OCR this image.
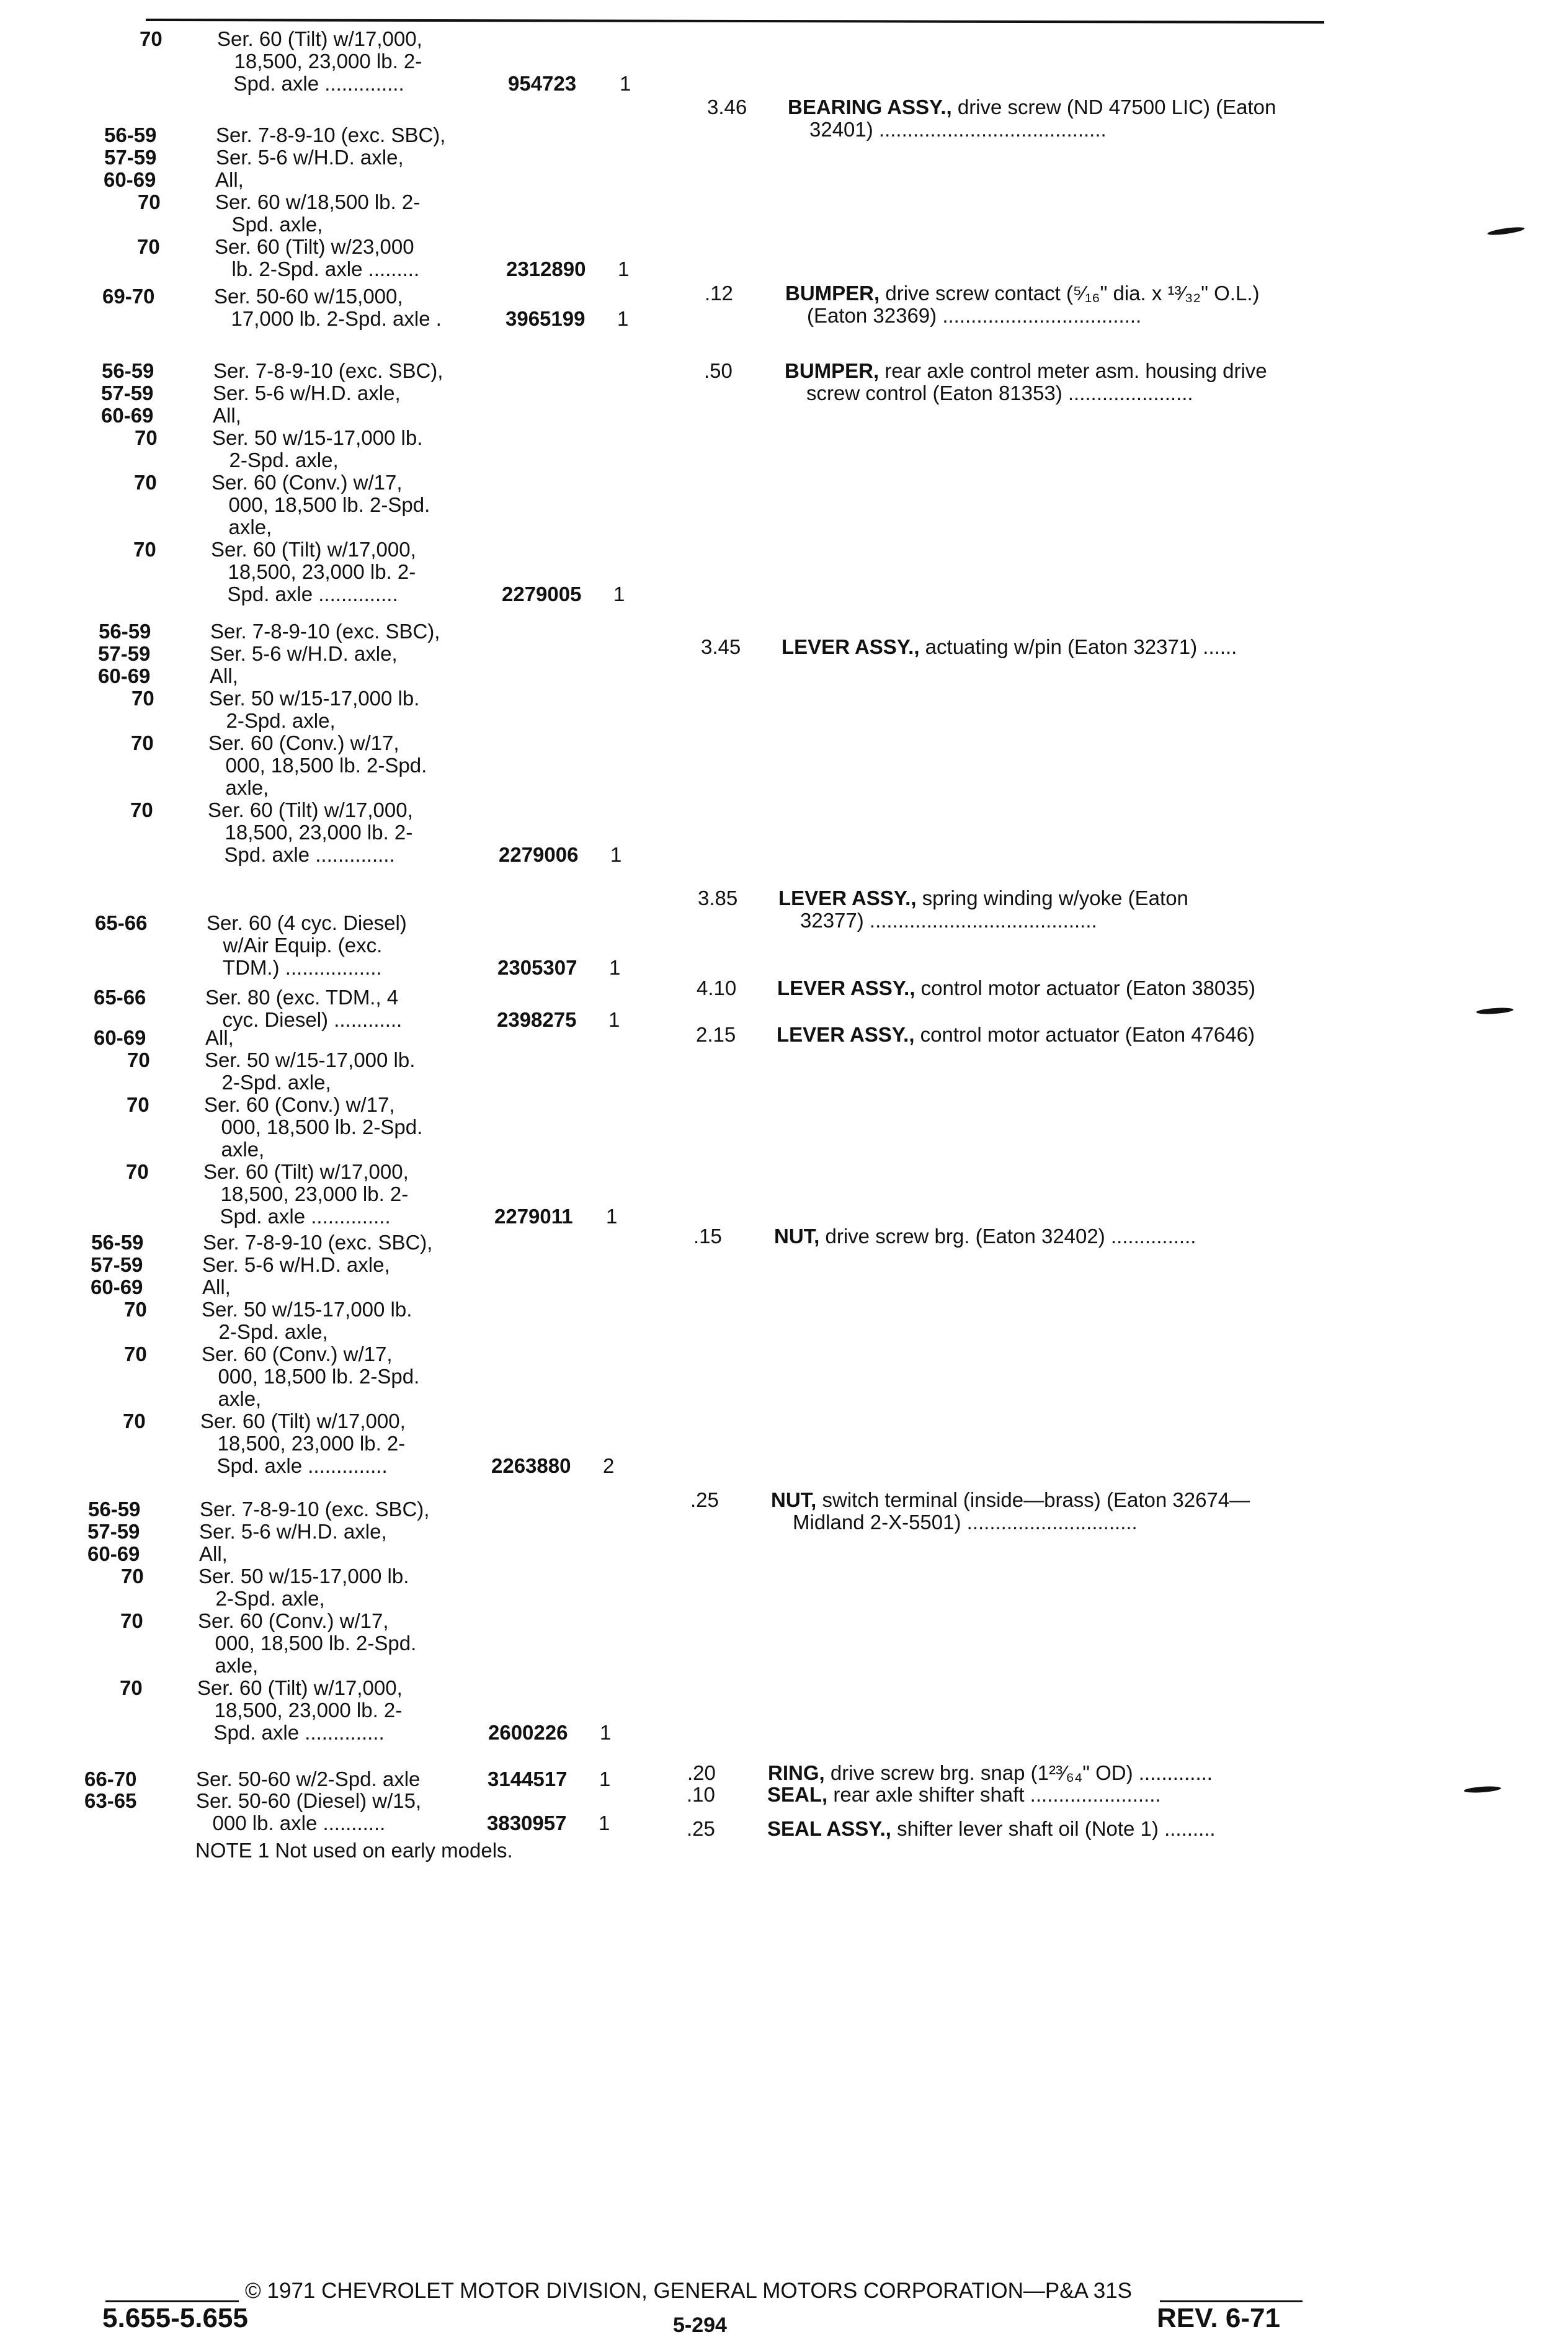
70	Ser. 60 (Tilt) w/17,000,
18,500, 23,000 lb. 2-
Spd. axle ..............	954723 1
56-59	Ser. 7-8-9-10 (exc. SBC),
57-59	Ser. 5-6 w/H.D. axle,
60-69	All,
70	Ser. 60 w/18,500 lb. 2-
Spd. axle,
70	Ser. 60 (Tilt) w/23,000
lb. 2-Spd. axle .........	2312890 1
69-70	Ser. 50-60 w/15,000,
17,000 lb. 2-Spd. axle .	3965199 1
56-59	Ser. 7-8-9-10 (exc. SBC),
57-59	Ser. 5-6 w/H.D. axle,
60-69	All,
70	Ser. 50 w/15-17,000 lb.
2-Spd. axle,
70	Ser. 60 (Conv.) w/17,
000, 18,500 lb. 2-Spd.
axle,
70	Ser. 60 (Tilt) w/17,000,
18,500, 23,000 lb. 2-
Spd. axle ..............	2279005 1
56-59	Ser. 7-8-9-10 (exc. SBC),
57-59	Ser. 5-6 w/H.D. axle,
60-69	All,
70	Ser. 50 w/15-17,000 lb.
2-Spd. axle,
70	Ser. 60 (Conv.) w/17,
000, 18,500 lb. 2-Spd.
axle,
70	Ser. 60 (Tilt) w/17,000,
18,500, 23,000 lb. 2-
Spd. axle ..............	2279006 1
65-66	Ser. 60 (4 cyc. Diesel)
w/Air Equip. (exc.
TDM.) .................	2305307 1
65-66	Ser. 80 (exc. TDM., 4
cyc. Diesel) ............	2398275 1
60-69	All,
70	Ser. 50 w/15-17,000 lb.
2-Spd. axle,
70	Ser. 60 (Conv.) w/17,
000, 18,500 lb. 2-Spd.
axle,
70	Ser. 60 (Tilt) w/17,000,
18,500, 23,000 lb. 2-
Spd. axle ..............	2279011 1
56-59	Ser. 7-8-9-10 (exc. SBC),
57-59	Ser. 5-6 w/H.D. axle,
60-69	All,
70	Ser. 50 w/15-17,000 lb.
2-Spd. axle,
70	Ser. 60 (Conv.) w/17,
000, 18,500 lb. 2-Spd.
axle,
70	Ser. 60 (Tilt) w/17,000,
18,500, 23,000 lb. 2-
Spd. axle ..............	2263880 2
56-59	Ser. 7-8-9-10 (exc. SBC),
57-59	Ser. 5-6 w/H.D. axle,
60-69	All,
70	Ser. 50 w/15-17,000 lb.
2-Spd. axle,
70	Ser. 60 (Conv.) w/17,
000, 18,500 lb. 2-Spd.
axle,
70	Ser. 60 (Tilt) w/17,000,
18,500, 23,000 lb. 2-
Spd. axle ..............	2600226 1
66-70	Ser. 50-60 w/2-Spd. axle	3144517 1
63-65	Ser. 50-60 (Diesel) w/15,
000 lb. axle ...........	3830957 1
NOTE 1 Not used on early models.
3.46 BEARING ASSY., drive screw (ND 47500 LIC) (Eaton
32401) ........................................
.12	BUMPER, drive screw contact (⁵⁄₁₆" dia. x ¹³⁄₃₂" O.L.)
(Eaton 32369) ...................................
.50	BUMPER, rear axle control meter asm. housing drive
screw control (Eaton 81353) ......................
3.45 LEVER ASSY., actuating w/pin (Eaton 32371) ......
3.85 LEVER ASSY., spring winding w/yoke (Eaton
32377) ........................................
4.10 LEVER ASSY., control motor actuator (Eaton 38035)
2.15 LEVER ASSY., control motor actuator (Eaton 47646)
.15	NUT, drive screw brg. (Eaton 32402) ...............
.25	NUT, switch terminal (inside—brass) (Eaton 32674—
Midland 2-X-5501) ..............................
.20	RING, drive screw brg. snap (1²³⁄₆₄" OD) .............
.10	SEAL, rear axle shifter shaft .......................
.25	SEAL ASSY., shifter lever shaft oil (Note 1) .........
© 1971 CHEVROLET MOTOR DIVISION, GENERAL MOTORS CORPORATION—P&A 31S
5.655-5.655	5-294	REV. 6-71
